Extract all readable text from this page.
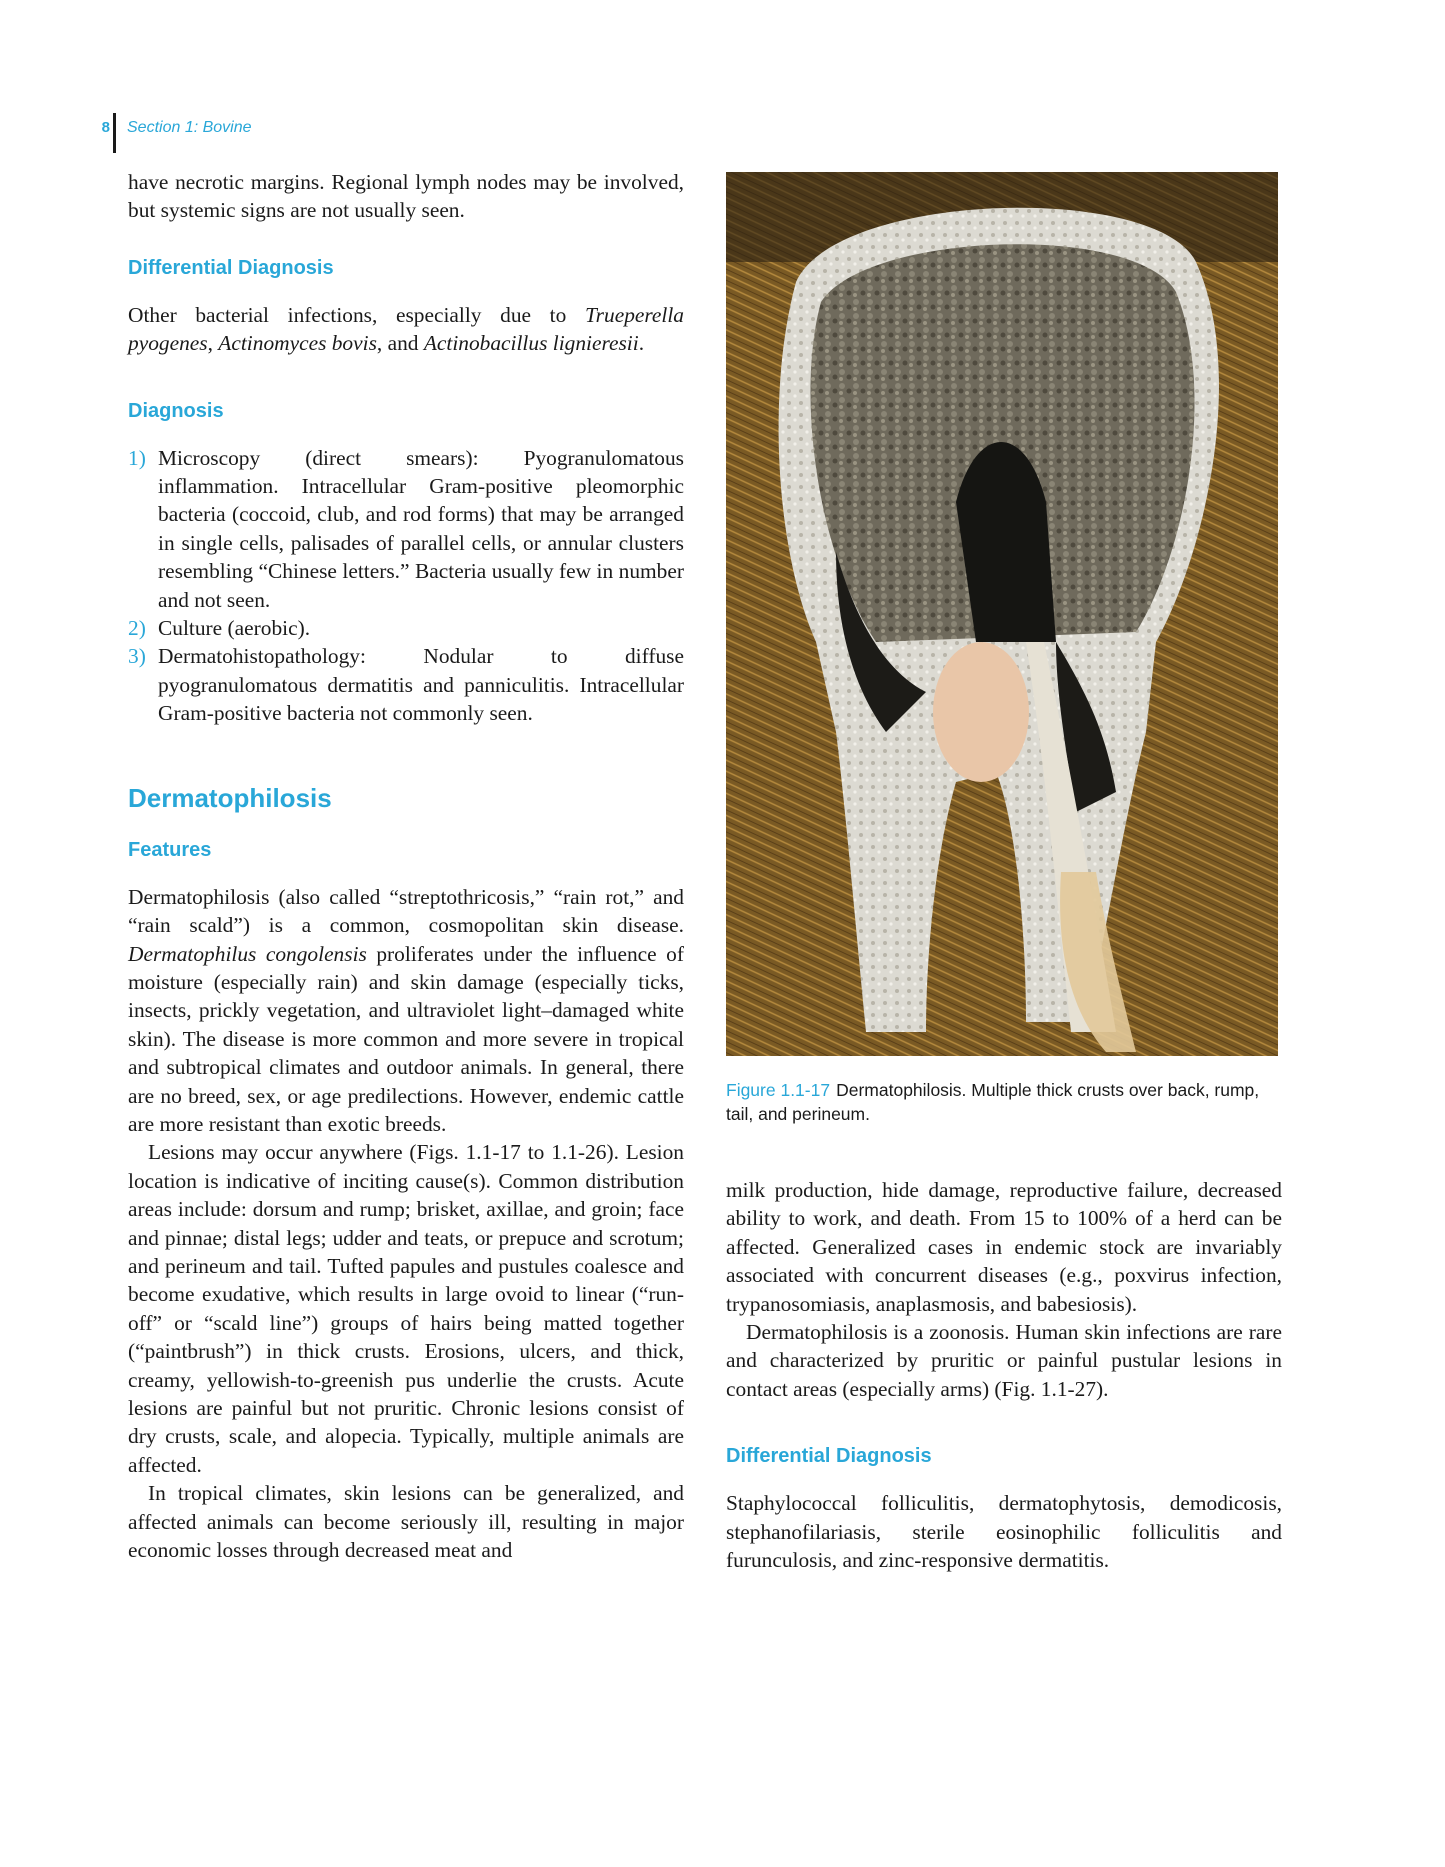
8 Section 1: Bovine

have necrotic margins. Regional lymph nodes may be involved, but systemic signs are not usually seen.

Differential Diagnosis

Other bacterial infections, especially due to Trueperella pyogenes, Actinomyces bovis, and Actinobacillus lignieresii.

Diagnosis
1) Microscopy (direct smears): Pyogranulomatous inflammation. Intracellular Gram-positive pleomorphic bacteria (coccoid, club, and rod forms) that may be arranged in single cells, palisades of parallel cells, or annular clusters resembling “Chinese letters.” Bacteria usually few in number and not seen.
2) Culture (aerobic).
3) Dermatohistopathology: Nodular to diffuse pyogranulomatous dermatitis and panniculitis. Intracellular Gram-positive bacteria not commonly seen.
Dermatophilosis
Features

Dermatophilosis (also called “streptothricosis,” “rain rot,” and “rain scald”) is a common, cosmopolitan skin disease. Dermatophilus congolensis proliferates under the influence of moisture (especially rain) and skin damage (especially ticks, insects, prickly vegetation, and ultraviolet light–damaged white skin). The disease is more common and more severe in tropical and subtropical climates and outdoor animals. In general, there are no breed, sex, or age predilections. However, endemic cattle are more resistant than exotic breeds.

Lesions may occur anywhere (Figs. 1.1-17 to 1.1-26). Lesion location is indicative of inciting cause(s). Common distribution areas include: dorsum and rump; brisket, axillae, and groin; face and pinnae; distal legs; udder and teats, or prepuce and scrotum; and perineum and tail. Tufted papules and pustules coalesce and become exudative, which results in large ovoid to linear (“run-off” or “scald line”) groups of hairs being matted together (“paintbrush”) in thick crusts. Erosions, ulcers, and thick, creamy, yellowish-to-greenish pus underlie the crusts. Acute lesions are painful but not pruritic. Chronic lesions consist of dry crusts, scale, and alopecia. Typically, multiple animals are affected.

In tropical climates, skin lesions can be generalized, and affected animals can become seriously ill, resulting in major economic losses through decreased meat and

Figure 1.1-17 Dermatophilosis. Multiple thick crusts over back, rump, tail, and perineum.

milk production, hide damage, reproductive failure, decreased ability to work, and death. From 15 to 100% of a herd can be affected. Generalized cases in endemic stock are invariably associated with concurrent diseases (e.g., poxvirus infection, trypanosomiasis, anaplasmosis, and babesiosis).

Dermatophilosis is a zoonosis. Human skin infections are rare and characterized by pruritic or painful pustular lesions in contact areas (especially arms) (Fig. 1.1-27).

Differential Diagnosis

Staphylococcal folliculitis, dermatophytosis, demodicosis, stephanofilariasis, sterile eosinophilic folliculitis and furunculosis, and zinc-responsive dermatitis.
